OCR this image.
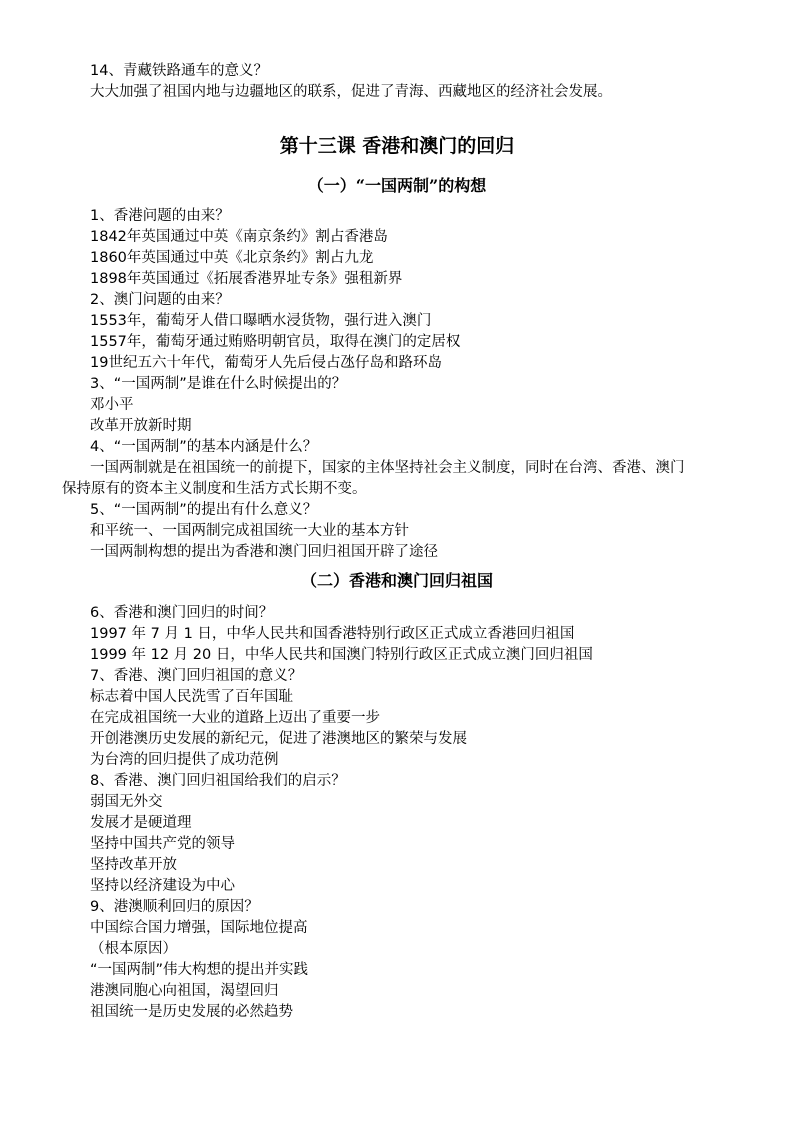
14、青藏铁路通车的意义？
大大加强了祖国内地与边疆地区的联系，促进了青海、西藏地区的经济社会发展。
第十三课 香港和澳门的回归
（一）“一国两制”的构想
1、香港问题的由来？
1842年英国通过中英《南京条约》割占香港岛
1860年英国通过中英《北京条约》割占九龙
1898年英国通过《拓展香港界址专条》强租新界
2、澳门问题的由来？
1553年，葡萄牙人借口曝晒水浸货物，强行进入澳门
1557年，葡萄牙通过贿赂明朝官员，取得在澳门的定居权
19世纪五六十年代，葡萄牙人先后侵占氹仔岛和路环岛
3、“一国两制”是谁在什么时候提出的？
邓小平
改革开放新时期
4、“一国两制”的基本内涵是什么？
一国两制就是在祖国统一的前提下，国家的主体坚持社会主义制度，同时在台湾、香港、澳门
保持原有的资本主义制度和生活方式长期不变。
5、“一国两制”的提出有什么意义？
和平统一、一国两制完成祖国统一大业的基本方针
一国两制构想的提出为香港和澳门回归祖国开辟了途径
（二）香港和澳门回归祖国
6、香港和澳门回归的时间？
1997 年 7 月 1 日，中华人民共和国香港特别行政区正式成立香港回归祖国
1999 年 12 月 20 日，中华人民共和国澳门特别行政区正式成立澳门回归祖国
7、香港、澳门回归祖国的意义？
标志着中国人民洗雪了百年国耻
在完成祖国统一大业的道路上迈出了重要一步
开创港澳历史发展的新纪元，促进了港澳地区的繁荣与发展
为台湾的回归提供了成功范例
8、香港、澳门回归祖国给我们的启示？
弱国无外交
发展才是硬道理
坚持中国共产党的领导
坚持改革开放
坚持以经济建设为中心
9、港澳顺利回归的原因？
中国综合国力增强，国际地位提高
（根本原因）
“一国两制”伟大构想的提出并实践
港澳同胞心向祖国，渴望回归
祖国统一是历史发展的必然趋势
